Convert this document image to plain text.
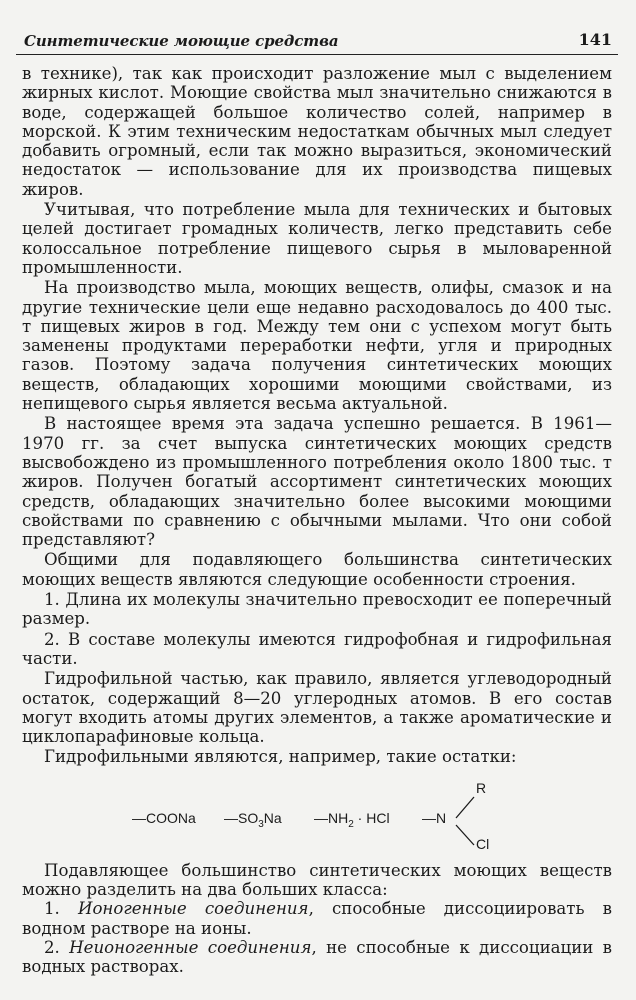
Синтетические моющие средства	141

в технике), так как происходит разложение мыл с выделением жирных кислот. Моющие свойства мыл значительно снижаются в воде, содержащей большое количество солей, например в морской. К этим техническим недостаткам обычных мыл следует добавить огромный, если так можно выразиться, экономический недостаток — использование для их производства пищевых жиров.

Учитывая, что потребление мыла для технических и бытовых целей достигает громадных количеств, легко представить себе колоссальное потребление пищевого сырья в мыловаренной промышленности.

На производство мыла, моющих веществ, олифы, смазок и на другие технические цели еще недавно расходовалось до 400 тыс. т пищевых жиров в год. Между тем они с успехом могут быть заменены продуктами переработки нефти, угля и природных газов. Поэтому задача получения синтетических моющих веществ, обладающих хорошими моющими свойствами, из непищевого сырья является весьма актуальной.

В настоящее время эта задача успешно решается. В 1961—1970 гг. за счет выпуска синтетических моющих средств высвобождено из промышленного потребления около 1800 тыс. т жиров. Получен богатый ассортимент синтетических моющих средств, обладающих значительно более высокими моющими свойствами по сравнению с обычными мылами. Что они собой представляют?

Общими для подавляющего большинства синтетических моющих веществ являются следующие особенности строения.

1. Длина их молекулы значительно превосходит ее поперечный размер.

2. В составе молекулы имеются гидрофобная и гидрофильная части.

Гидрофильной частью, как правило, является углеводородный остаток, содержащий 8—20 углеродных атомов. В его состав могут входить атомы других элементов, а также ароматические и циклопарафиновые кольца.

Гидрофильными являются, например, такие остатки:

—COONa $—SO_3Na$ $—NH_2$ · HCl —N
R
Cl

Подавляющее большинство синтетических моющих веществ можно разделить на два больших класса:

1. Ионогенные соединения, способные диссоциировать в водном растворе на ионы.

2. Неионогенные соединения, не способные к диссоциации в водных растворах.
